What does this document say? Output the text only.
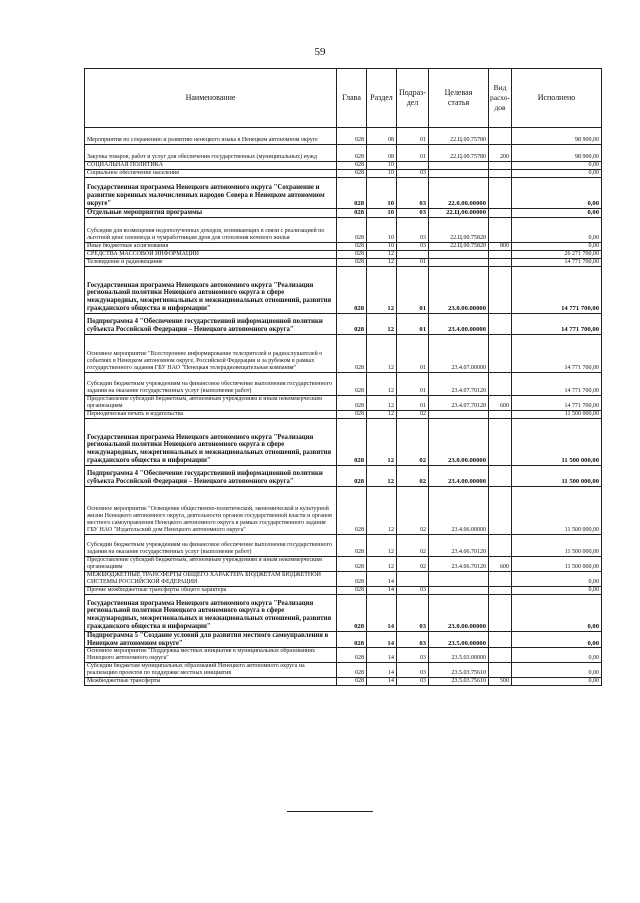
59
Наименование	Глава	Раздел	Подраз-
дел	Целевая
статья	Вид
расхо-
дов	Исполнено
Мероприятия по сохранению и развитию ненецкого языка в Ненецком автономном округе	028	08	01	22.Ц.00.75780		98 900,00
Закупка товаров, работ и услуг для обеспечения государственных (муниципальных) нужд	028	08	01	22.Ц.00.75780	200	98 900,00
СОЦИАЛЬНАЯ ПОЛИТИКА	028	10				0,00
Социальное обеспечение населения	028	10	03			0,00
Государственная программа Ненецкого автономного округа "Сохранение и развитие коренных малочисленных народов Севера в Ненецком автономном округе"	028	10	03	22.0.00.00000		0,00
Отдельные мероприятия программы	028	10	03	22.Ц.00.00000		0,00
Субсидия для возмещения недополученных доходов, возникающих в связи с реализацией по льготной цене оленевода и чумработницам дров для отопления кочевого жилья	028	10	03	22.Ц.00.75820		0,00
Иные бюджетные ассигнования	028	10	03	22.Ц.00.75820	800	0,00
СРЕДСТВА МАССОВОЙ ИНФОРМАЦИИ	028	12				26 271 700,00
Телевидение и радиовещание	028	12	01			14 771 700,00
Государственная программа Ненецкого автономного округа "Реализация региональной политики Ненецкого автономного округа в сфере международных, межрегиональных и межнациональных отношений, развития гражданского общества и информации"	028	12	01	23.0.00.00000		14 771 700,00
Подпрограмма 4 "Обеспечение государственной информационной политики субъекта Российской Федерации – Ненецкого автономного округа"	028	12	01	23.4.00.00000		14 771 700,00
Основное мероприятие "Всестороннее информирование телезрителей и радиослушателей о событиях в Ненецком автономном округе, Российской Федерации и за рубежом в рамках государственного задания ГБУ НАО "Ненецкая телерадиовещательная компания"	028	12	01	23.4.07.00000		14 771 700,00
Субсидии бюджетным учреждениям на финансовое обеспечение выполнения государственного задания на оказание государственных услуг (выполнение работ)	028	12	01	23.4.07.70120		14 771 700,00
Предоставление субсидий бюджетным, автономным учреждениям и иным некоммерческим организациям	028	12	01	23.4.07.70120	600	14 771 700,00
Периодическая печать и издательства	028	12	02			11 500 000,00
Государственная программа Ненецкого автономного округа "Реализация региональной политики Ненецкого автономного округа в сфере международных, межрегиональных и межнациональных отношений, развития гражданского общества и информации"	028	12	02	23.0.00.00000		11 500 000,00
Подпрограмма 4 "Обеспечение государственной информационной политики субъекта Российской Федерации – Ненецкого автономного округа"	028	12	02	23.4.00.00000		11 500 000,00
Основное мероприятие "Освещение общественно-политической, экономической и культурной жизни Ненецкого автономного округа, деятельности органов государственной власти и органов местного самоуправления Ненецкого автономного округа в рамках государственного задания ГБУ НАО "Издательский дом Ненецкого автономного округа"	028	12	02	23.4.06.00000		11 500 000,00
Субсидии бюджетным учреждениям на финансовое обеспечение выполнения государственного задания на оказание государственных услуг (выполнение работ)	028	12	02	23.4.06.70120		11 500 000,00
Предоставление субсидий бюджетным, автономным учреждениям и иным некоммерческим организациям	028	12	02	23.4.06.70120	600	11 500 000,00
МЕЖБЮДЖЕТНЫЕ ТРАНСФЕРТЫ ОБЩЕГО ХАРАКТЕРА БЮДЖЕТАМ БЮДЖЕТНОЙ СИСТЕМЫ РОССИЙСКОЙ ФЕДЕРАЦИИ	028	14				0,00
Прочие межбюджетные трансферты общего характера	028	14	03			0,00
Государственная программа Ненецкого автономного округа "Реализация региональной политики Ненецкого автономного округа в сфере международных, межрегиональных и межнациональных отношений, развития гражданского общества и информации"	028	14	03	23.0.00.00000		0,00
Подпрограмма 5 "Создание условий для развития местного самоуправления в Ненецком автономном округе"	028	14	03	23.5.00.00000		0,00
Основное мероприятие "Поддержка местных инициатив в муниципальных образованиях Ненецкого автономного округа"	028	14	03	23.5.03.00000		0,00
Субсидии бюджетам муниципальных образований Ненецкого автономного округа на реализацию проектов по поддержке местных инициатив	028	14	03	23.5.03.75610		0,00
Межбюджетные трансферты	028	14	03	23.5.03.75610	500	0,00
